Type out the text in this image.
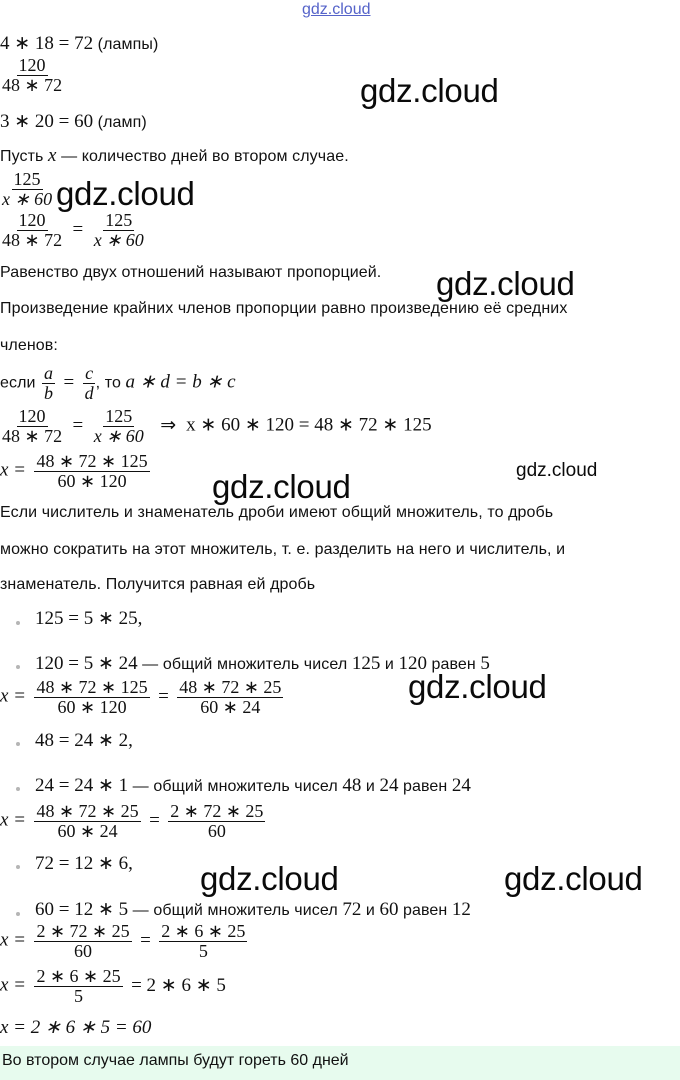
gdz.cloud
4 ∗ 18 = 72 (лампы)
$\frac{120}{48 ∗ 72}$
3 ∗ 20 = 60 (ламп)
Пусть x — количество дней во втором случае.
$\frac{125}{x ∗ 60}$
$\frac{120}{48 ∗ 72} = \frac{125}{x ∗ 60}$
Равенство двух отношений называют пропорцией.
Произведение крайних членов пропорции равно произведению её средних
членов:
если $\frac{a}{b} = \frac{c}{d}$ , то a ∗ d = b ∗ c
$\frac{120}{48 ∗ 72} = \frac{125}{x ∗ 60}$ ⇒ x ∗ 60 ∗ 120 = 48 ∗ 72 ∗ 125
$x = \frac{48 ∗ 72 ∗ 125}{60 ∗ 120}$
Если числитель и знаменатель дроби имеют общий множитель, то дробь
можно сократить на этот множитель, т. е. разделить на него и числитель, и
знаменатель. Получится равная ей дробь
125 = 5 ∗ 25,
120 = 5 ∗ 24 — общий множитель чисел 125 и 120 равен 5
$x = \frac{48 ∗ 72 ∗ 125}{60 ∗ 120} = \frac{48 ∗ 72 ∗ 25}{60 ∗ 24}$
48 = 24 ∗ 2,
24 = 24 ∗ 1 — общий множитель чисел 48 и 24 равен 24
$x = \frac{48 ∗ 72 ∗ 25}{60 ∗ 24} = \frac{2 ∗ 72 ∗ 25}{60}$
72 = 12 ∗ 6,
60 = 12 ∗ 5 — общий множитель чисел 72 и 60 равен 12
$x = \frac{2 ∗ 72 ∗ 25}{60} = \frac{2 ∗ 6 ∗ 25}{5}$
$x = \frac{2 ∗ 6 ∗ 25}{5} = 2$ ∗ 6 ∗ 5
x = 2 ∗ 6 ∗ 5 = 60
Во втором случае лампы будут гореть 60 дней
gdz.cloud
gdz.cloud
gdz.cloud
gdz.cloud
gdz.cloud
gdz.cloud
gdz.cloud	gdz.cloud
